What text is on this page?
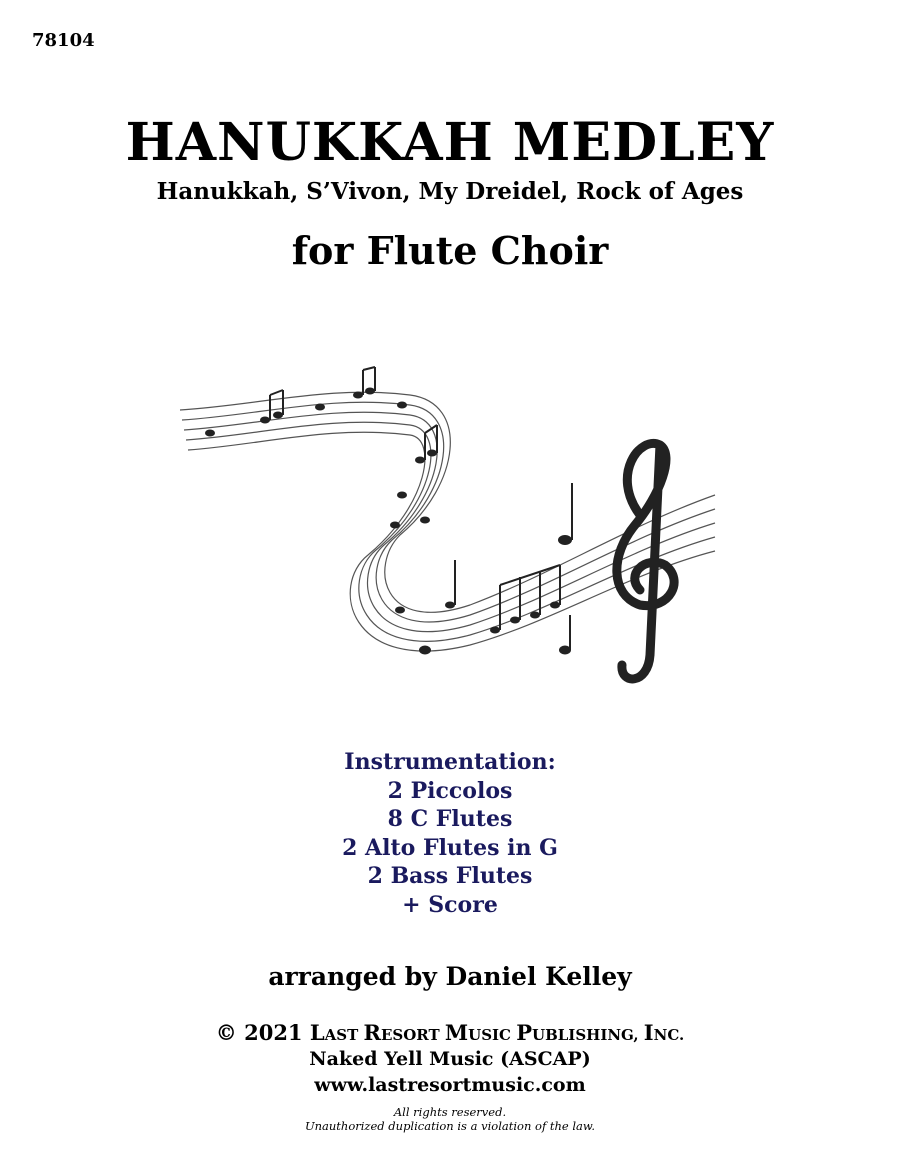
78104
HANUKKAH MEDLEY
Hanukkah, S’Vivon, My Dreidel, Rock of Ages
for Flute Choir
Instrumentation:
2 Piccolos
8 C Flutes
2 Alto Flutes in G
2 Bass Flutes
+ Score
arranged by Daniel Kelley
© 2021 LAST RESORT MUSIC PUBLISHING, INC.
Naked Yell Music (ASCAP)
www.lastresortmusic.com
All rights reserved.
Unauthorized duplication is a violation of the law.
